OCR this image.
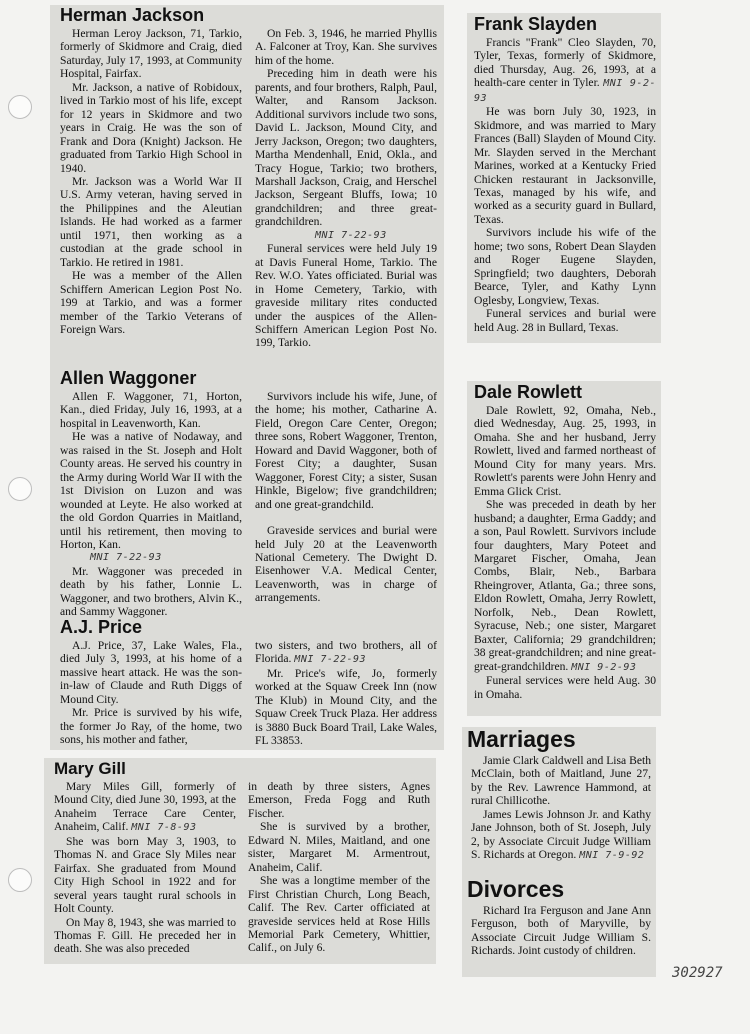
Herman Jackson

Herman Leroy Jackson, 71, Tarkio, formerly of Skidmore and Craig, died Saturday, July 17, 1993, at Community Hospital, Fairfax.

Mr. Jackson, a native of Robidoux, lived in Tarkio most of his life, except for 12 years in Skidmore and two years in Craig. He was the son of Frank and Dora (Knight) Jackson. He graduated from Tarkio High School in 1940.

Mr. Jackson was a World War II U.S. Army veteran, having served in the Philippines and the Aleutian Islands. He had worked as a farmer until 1971, then working as a custodian at the grade school in Tarkio. He retired in 1981.

He was a member of the Allen Schiffern American Legion Post No. 199 at Tarkio, and was a former member of the Tarkio Veterans of Foreign Wars.

On Feb. 3, 1946, he married Phyllis A. Falconer at Troy, Kan. She survives him of the home.

Preceding him in death were his parents, and four brothers, Ralph, Paul, Walter, and Ransom Jackson. Additional survivors include two sons, David L. Jackson, Mound City, and Jerry Jackson, Oregon; two daughters, Martha Mendenhall, Enid, Okla., and Tracy Hogue, Tarkio; two brothers, Marshall Jackson, Craig, and Herschel Jackson, Sergeant Bluffs, Iowa; 10 grandchildren; and three great-grandchildren.

MNI 7-22-93

Funeral services were held July 19 at Davis Funeral Home, Tarkio. The Rev. W.O. Yates officiated. Burial was in Home Cemetery, Tarkio, with graveside military rites conducted under the auspices of the Allen-Schiffern American Legion Post No. 199, Tarkio.

Allen Waggoner

Allen F. Waggoner, 71, Horton, Kan., died Friday, July 16, 1993, at a hospital in Leavenworth, Kan.

He was a native of Nodaway, and was raised in the St. Joseph and Holt County areas. He served his country in the Army during World War II with the 1st Division on Luzon and was wounded at Leyte. He also worked at the old Gordon Quarries in Maitland, until his retirement, then moving to Horton, Kan.

MNI 7-22-93

Mr. Waggoner was preceded in death by his father, Lonnie L. Waggoner, and two brothers, Alvin K., and Sammy Waggoner.

Survivors include his wife, June, of the home; his mother, Catharine A. Field, Oregon Care Center, Oregon; three sons, Robert Waggoner, Trenton, Howard and David Waggoner, both of Forest City; a daughter, Susan Waggoner, Forest City; a sister, Susan Hinkle, Bigelow; five grandchildren; and one great-grandchild.

Graveside services and burial were held July 20 at the Leavenworth National Cemetery. The Dwight D. Eisenhower V.A. Medical Center, Leavenworth, was in charge of arrangements.

A.J. Price

A.J. Price, 37, Lake Wales, Fla., died July 3, 1993, at his home of a massive heart attack. He was the son-in-law of Claude and Ruth Diggs of Mound City.

Mr. Price is survived by his wife, the former Jo Ray, of the home, two sons, his mother and father,

two sisters, and two brothers, all of Florida. MNI 7-22-93

Mr. Price's wife, Jo, formerly worked at the Squaw Creek Inn (now The Klub) in Mound City, and the Squaw Creek Truck Plaza. Her address is 3880 Buck Board Trail, Lake Wales, FL 33853.

Mary Gill

Mary Miles Gill, formerly of Mound City, died June 30, 1993, at the Anaheim Terrace Care Center, Anaheim, Calif. MNI 7-8-93

She was born May 3, 1903, to Thomas N. and Grace Sly Miles near Fairfax. She graduated from Mound City High School in 1922 and for several years taught rural schools in Holt County.

On May 8, 1943, she was married to Thomas F. Gill. He preceded her in death. She was also preceded

in death by three sisters, Agnes Emerson, Freda Fogg and Ruth Fischer.

She is survived by a brother, Edward N. Miles, Maitland, and one sister, Margaret M. Armentrout, Anaheim, Calif.

She was a longtime member of the First Christian Church, Long Beach, Calif. The Rev. Carter officiated at graveside services held at Rose Hills Memorial Park Cemetery, Whittier, Calif., on July 6.

Frank Slayden

Francis "Frank" Cleo Slayden, 70, Tyler, Texas, formerly of Skidmore, died Thursday, Aug. 26, 1993, at a health-care center in Tyler. MNI 9-2-93

He was born July 30, 1923, in Skidmore, and was married to Mary Frances (Ball) Slayden of Mound City. Mr. Slayden served in the Merchant Marines, worked at a Kentucky Fried Chicken restaurant in Jacksonville, Texas, managed by his wife, and worked as a security guard in Bullard, Texas.

Survivors include his wife of the home; two sons, Robert Dean Slayden and Roger Eugene Slayden, Springfield; two daughters, Deborah Bearce, Tyler, and Kathy Lynn Oglesby, Longview, Texas.

Funeral services and burial were held Aug. 28 in Bullard, Texas.

Dale Rowlett

Dale Rowlett, 92, Omaha, Neb., died Wednesday, Aug. 25, 1993, in Omaha. She and her husband, Jerry Rowlett, lived and farmed northeast of Mound City for many years. Mrs. Rowlett's parents were John Henry and Emma Glick Crist.

She was preceded in death by her husband; a daughter, Erma Gaddy; and a son, Paul Rowlett. Survivors include four daughters, Mary Poteet and Margaret Fischer, Omaha, Jean Combs, Blair, Neb., Barbara Rheingrover, Atlanta, Ga.; three sons, Eldon Rowlett, Omaha, Jerry Rowlett, Norfolk, Neb., Dean Rowlett, Syracuse, Neb.; one sister, Margaret Baxter, California; 29 grandchildren; 38 great-grandchildren; and nine great-great-grandchildren. MNI 9-2-93

Funeral services were held Aug. 30 in Omaha.

Marriages

Jamie Clark Caldwell and Lisa Beth McClain, both of Maitland, June 27, by the Rev. Lawrence Hammond, at rural Chillicothe.

James Lewis Johnson Jr. and Kathy Jane Johnson, both of St. Joseph, July 2, by Associate Circuit Judge William S. Richards at Oregon. MNI 7-9-92

Divorces

Richard Ira Ferguson and Jane Ann Ferguson, both of Maryville, by Associate Circuit Judge William S. Richards. Joint custody of children.

302927
